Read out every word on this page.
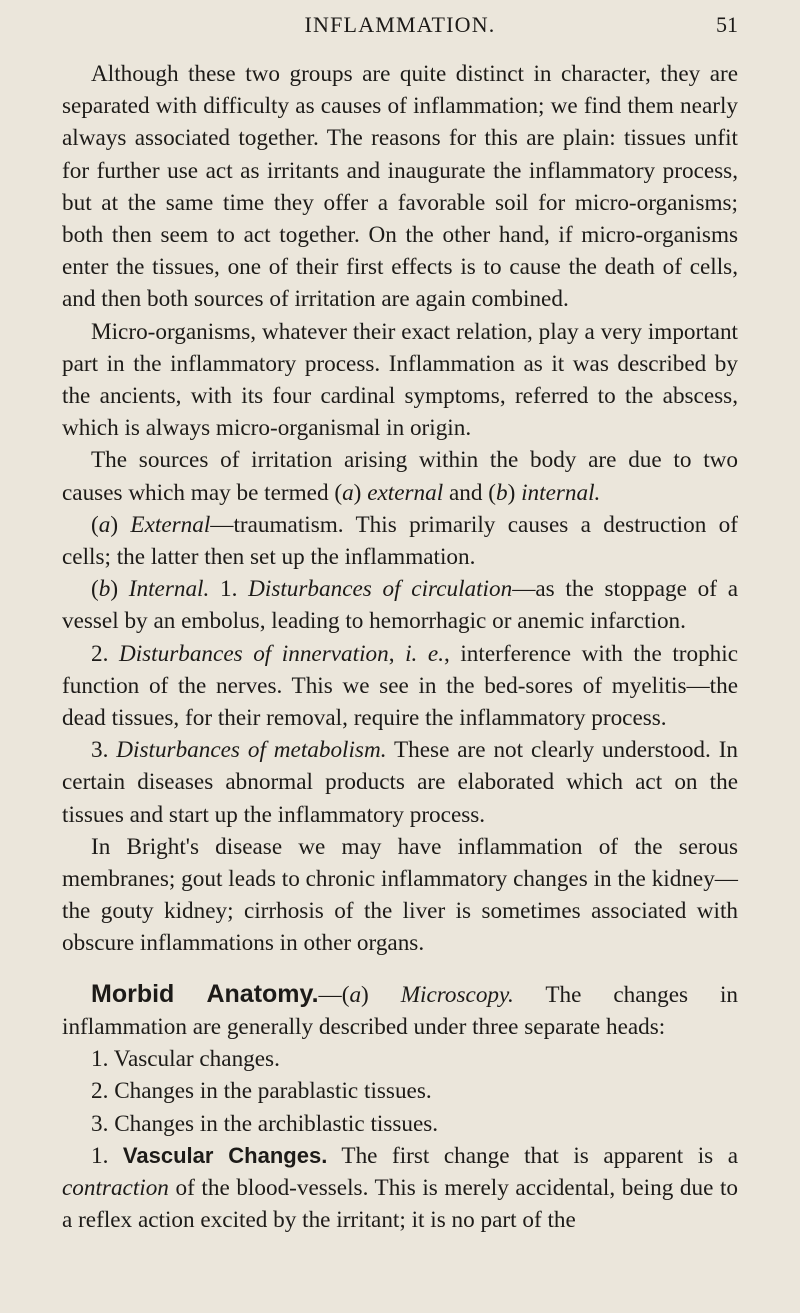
INFLAMMATION.	51

Although these two groups are quite distinct in character, they are separated with difficulty as causes of inflammation; we find them nearly always associated together. The reasons for this are plain: tissues unfit for further use act as irritants and inaugurate the inflammatory process, but at the same time they offer a favorable soil for micro-organisms; both then seem to act together. On the other hand, if micro-organisms enter the tissues, one of their first effects is to cause the death of cells, and then both sources of irritation are again combined.

Micro-organisms, whatever their exact relation, play a very important part in the inflammatory process. Inflammation as it was described by the ancients, with its four cardinal symptoms, referred to the abscess, which is always micro-organismal in origin.

The sources of irritation arising within the body are due to two causes which may be termed (a) external and (b) internal.

(a) External—traumatism. This primarily causes a destruction of cells; the latter then set up the inflammation.

(b) Internal. 1. Disturbances of circulation—as the stoppage of a vessel by an embolus, leading to hemorrhagic or anemic infarction.

2. Disturbances of innervation, i. e., interference with the trophic function of the nerves. This we see in the bed-sores of myelitis—the dead tissues, for their removal, require the inflammatory process.

3. Disturbances of metabolism. These are not clearly understood. In certain diseases abnormal products are elaborated which act on the tissues and start up the inflammatory process.

In Bright's disease we may have inflammation of the serous membranes; gout leads to chronic inflammatory changes in the kidney—the gouty kidney; cirrhosis of the liver is sometimes associated with obscure inflammations in other organs.

Morbid Anatomy.—(a) Microscopy. The changes in inflammation are generally described under three separate heads:

1. Vascular changes.

2. Changes in the parablastic tissues.

3. Changes in the archiblastic tissues.

1. Vascular Changes. The first change that is apparent is a contraction of the blood-vessels. This is merely accidental, being due to a reflex action excited by the irritant; it is no part of the
